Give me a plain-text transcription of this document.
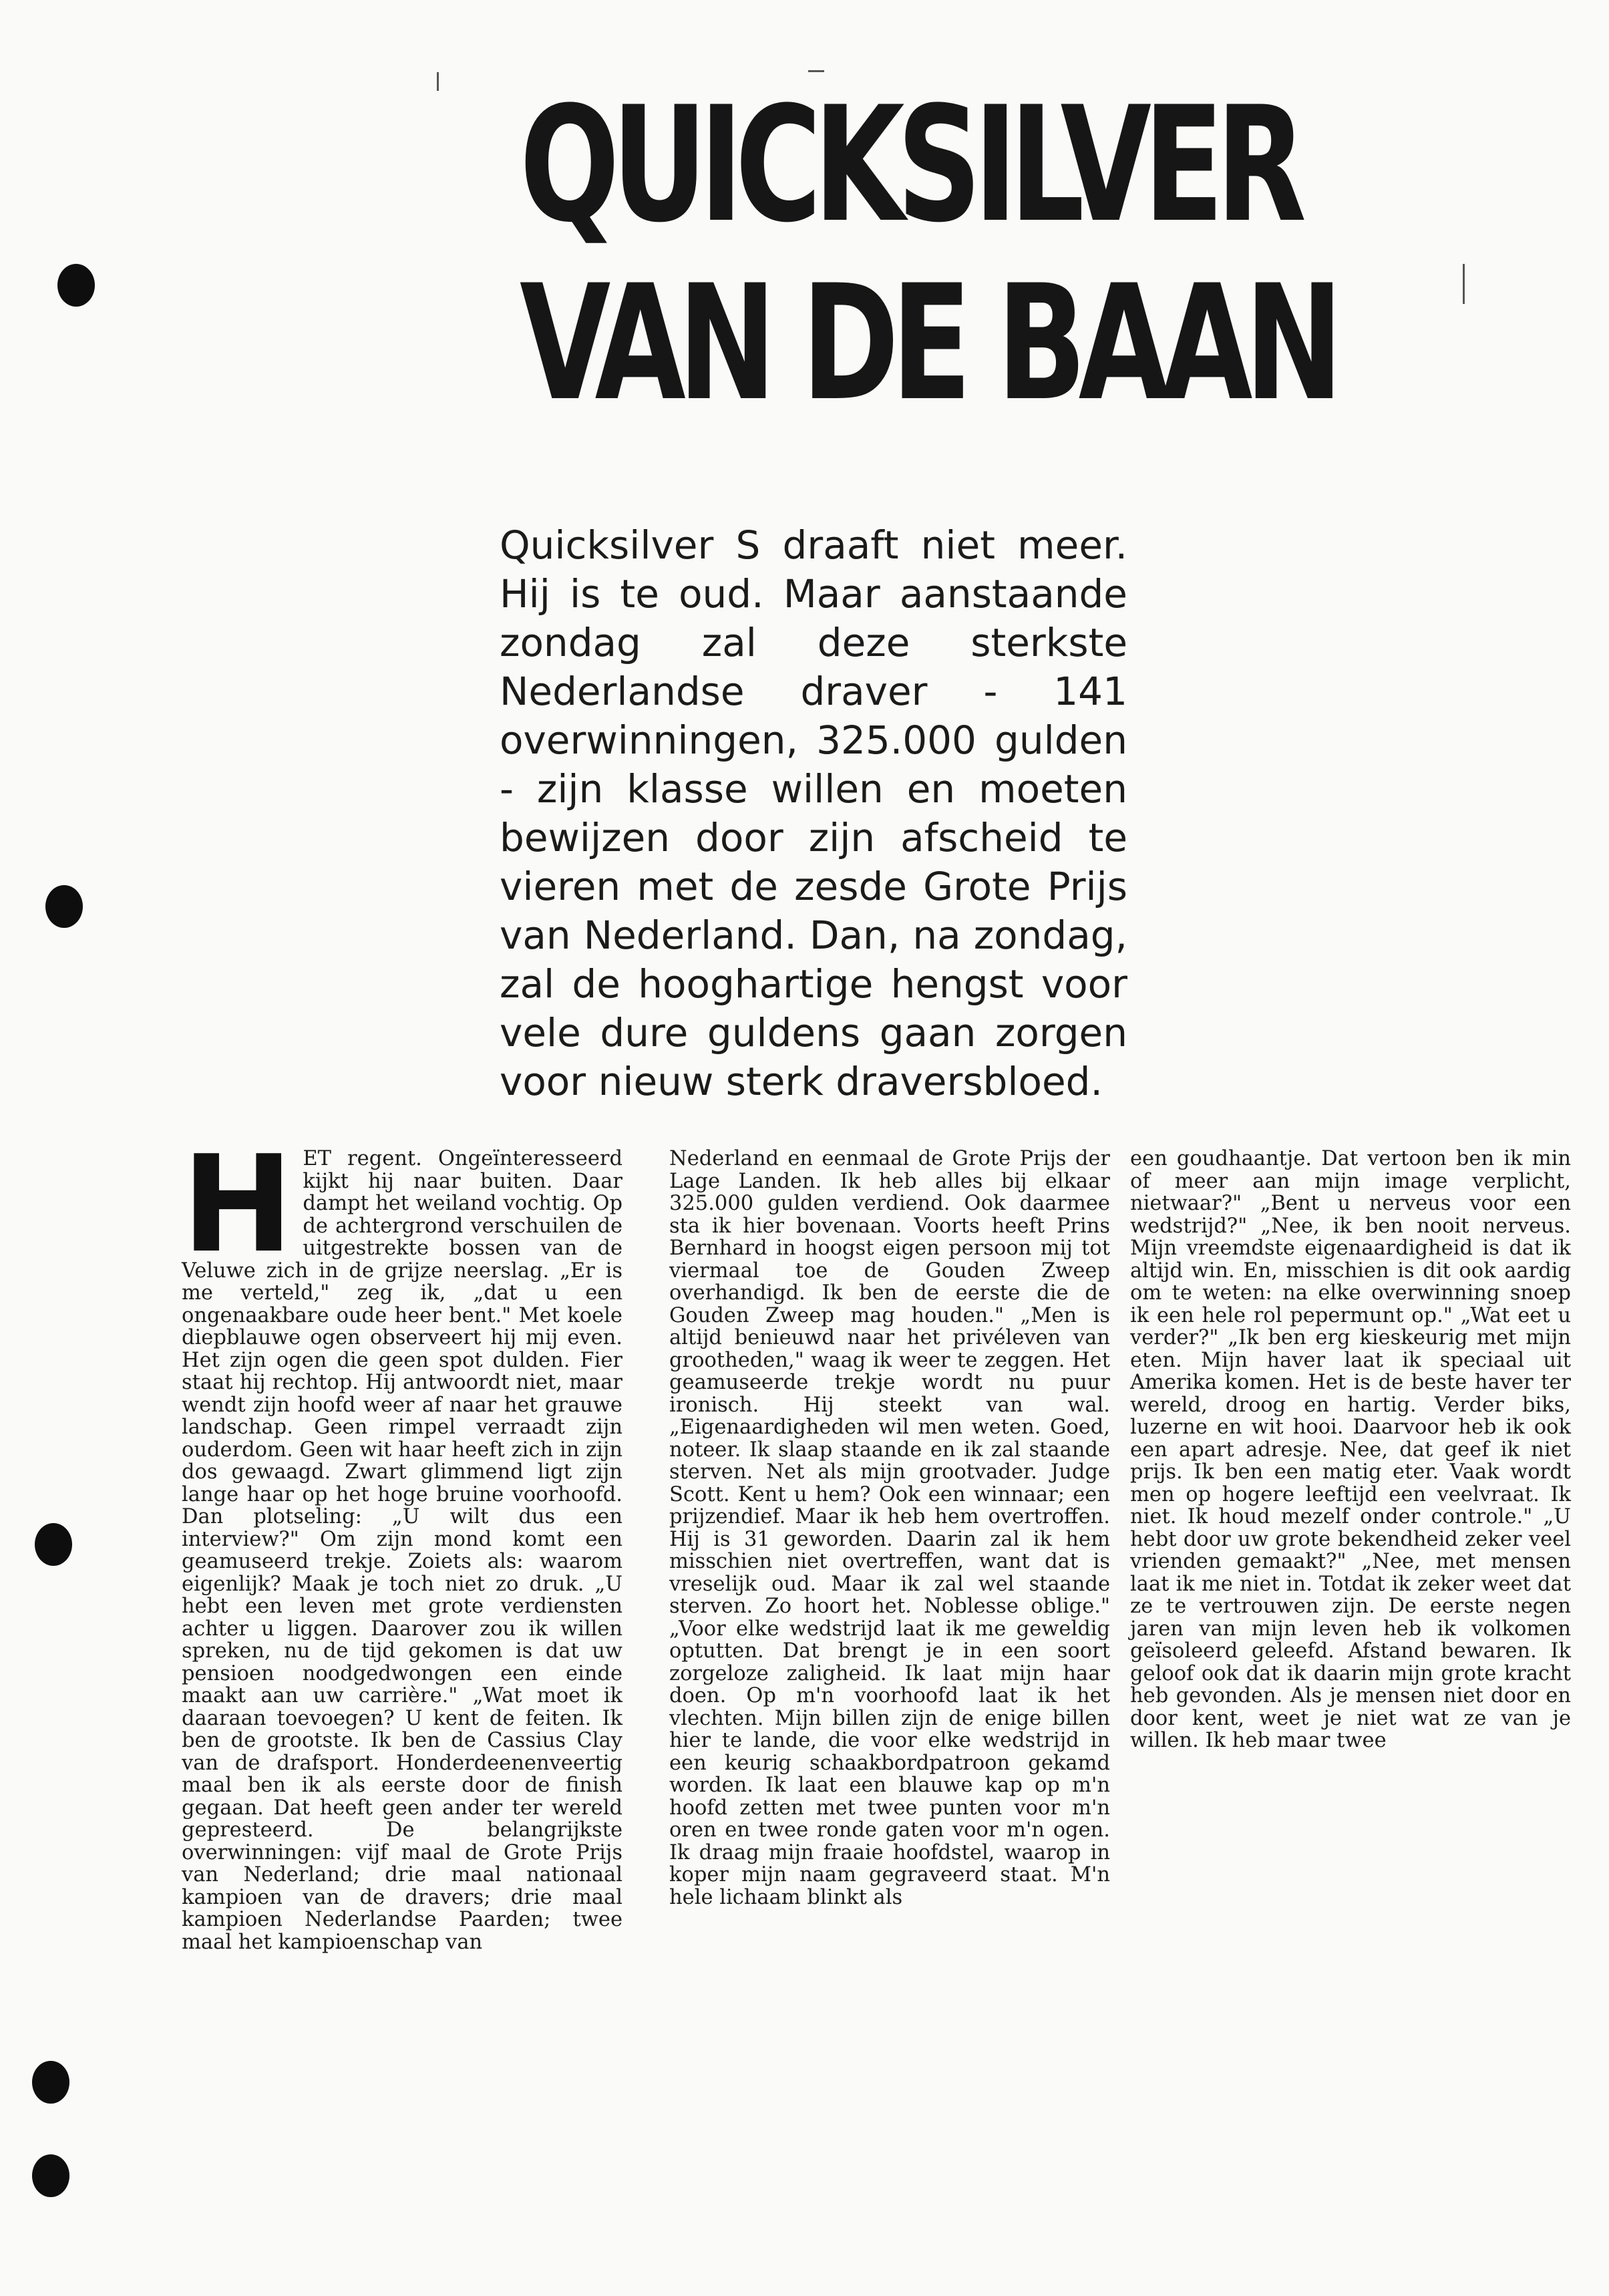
QUICKSILVER
VAN DE BAAN

Quicksilver S draaft niet meer. Hij is te oud. Maar aanstaande zondag zal deze sterkste Nederlandse draver - 141 overwinningen, 325.000 gulden - zijn klasse willen en moeten bewijzen door zijn afscheid te vieren met de zesde Grote Prijs van Nederland. Dan, na zondag, zal de hooghartige hengst voor vele dure guldens gaan zorgen voor nieuw sterk draversbloed.

H ET regent. Ongeïnteresseerd kijkt hij naar buiten. Daar dampt het weiland vochtig. Op de achtergrond verschuilen de uitgestrekte bossen van de Veluwe zich in de grijze neerslag. „Er is me verteld," zeg ik, „dat u een ongenaakbare oude heer bent." Met koele diepblauwe ogen observeert hij mij even. Het zijn ogen die geen spot dulden. Fier staat hij rechtop. Hij antwoordt niet, maar wendt zijn hoofd weer af naar het grauwe landschap. Geen rimpel verraadt zijn ouderdom. Geen wit haar heeft zich in zijn dos gewaagd. Zwart glimmend ligt zijn lange haar op het hoge bruine voorhoofd. Dan plotseling: „U wilt dus een interview?" Om zijn mond komt een geamuseerd trekje. Zoiets als: waarom eigenlijk? Maak je toch niet zo druk. „U hebt een leven met grote verdiensten achter u liggen. Daarover zou ik willen spreken, nu de tijd gekomen is dat uw pensioen noodgedwongen een einde maakt aan uw carrière." „Wat moet ik daaraan toevoegen? U kent de feiten. Ik ben de grootste. Ik ben de Cassius Clay van de drafsport. Honderdeenenveertig maal ben ik als eerste door de finish gegaan. Dat heeft geen ander ter wereld gepresteerd. De belangrijkste overwinningen: vijf maal de Grote Prijs van Nederland; drie maal nationaal kampioen van de dravers; drie maal kampioen Nederlandse Paarden; twee maal het kampioenschap van

Nederland en eenmaal de Grote Prijs der Lage Landen. Ik heb alles bij elkaar 325.000 gulden verdiend. Ook daarmee sta ik hier bovenaan. Voorts heeft Prins Bernhard in hoogst eigen persoon mij tot viermaal toe de Gouden Zweep overhandigd. Ik ben de eerste die de Gouden Zweep mag houden." „Men is altijd benieuwd naar het privéleven van grootheden," waag ik weer te zeggen. Het geamuseerde trekje wordt nu puur ironisch. Hij steekt van wal. „Eigenaardigheden wil men weten. Goed, noteer. Ik slaap staande en ik zal staande sterven. Net als mijn grootvader. Judge Scott. Kent u hem? Ook een winnaar; een prijzendief. Maar ik heb hem overtroffen. Hij is 31 geworden. Daarin zal ik hem misschien niet overtreffen, want dat is vreselijk oud. Maar ik zal wel staande sterven. Zo hoort het. Noblesse oblige." „Voor elke wedstrijd laat ik me geweldig optutten. Dat brengt je in een soort zorgeloze zaligheid. Ik laat mijn haar doen. Op m'n voorhoofd laat ik het vlechten. Mijn billen zijn de enige billen hier te lande, die voor elke wedstrijd in een keurig schaakbordpatroon gekamd worden. Ik laat een blauwe kap op m'n hoofd zetten met twee punten voor m'n oren en twee ronde gaten voor m'n ogen. Ik draag mijn fraaie hoofdstel, waarop in koper mijn naam gegraveerd staat. M'n hele lichaam blinkt als

een goudhaantje. Dat vertoon ben ik min of meer aan mijn image verplicht, nietwaar?" „Bent u nerveus voor een wedstrijd?" „Nee, ik ben nooit nerveus. Mijn vreemdste eigenaardigheid is dat ik altijd win. En, misschien is dit ook aardig om te weten: na elke overwinning snoep ik een hele rol pepermunt op." „Wat eet u verder?" „Ik ben erg kieskeurig met mijn eten. Mijn haver laat ik speciaal uit Amerika komen. Het is de beste haver ter wereld, droog en hartig. Verder biks, luzerne en wit hooi. Daarvoor heb ik ook een apart adresje. Nee, dat geef ik niet prijs. Ik ben een matig eter. Vaak wordt men op hogere leeftijd een veelvraat. Ik niet. Ik houd mezelf onder controle." „U hebt door uw grote bekendheid zeker veel vrienden gemaakt?" „Nee, met mensen laat ik me niet in. Totdat ik zeker weet dat ze te vertrouwen zijn. De eerste negen jaren van mijn leven heb ik volkomen geïsoleerd geleefd. Afstand bewaren. Ik geloof ook dat ik daarin mijn grote kracht heb gevonden. Als je mensen niet door en door kent, weet je niet wat ze van je willen. Ik heb maar twee
